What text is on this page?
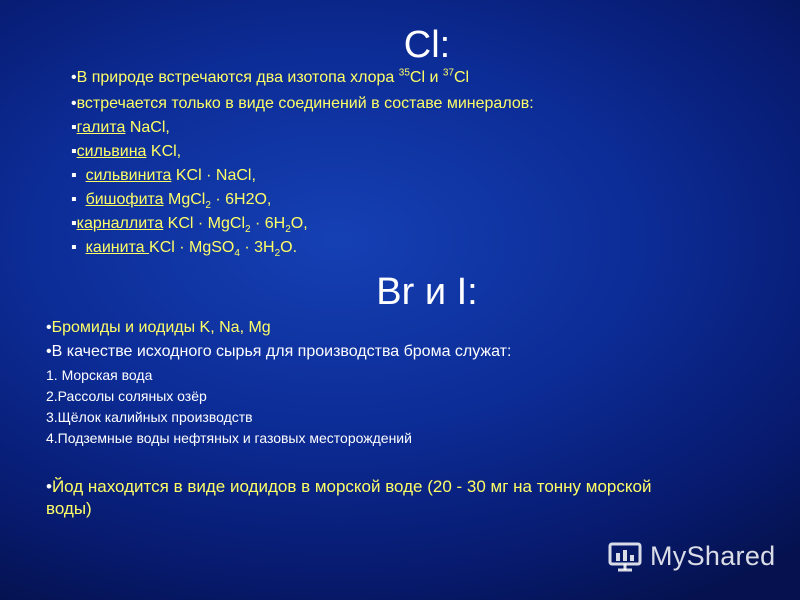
Cl:
•В природе встречаются два изотопа хлора $^{35}$Cl и $^{37}$Cl
•встречается только в виде соединений в составе минералов:
▪галита NaCl,
▪сильвина KCl,
▪ сильвинита KCl · NaCl,
▪ бишофита MgCl$_2$ · 6H2O,
▪карналлита KCl · MgCl$_2$ · $6H_2O$,
▪ каинита KCl · MgSO$_4$ · $3H_2O$.
Br и I:
•Бромиды и иодиды K, Na, Mg
•В качестве исходного сырья для производства брома служат:
1. Морская вода
2.Рассолы соляных озёр
3.Щёлок калийных производств
4.Подземные воды нефтяных и газовых месторождений
•Йод находится в виде иодидов в морской воде (20 - 30 мг на тонну морской
воды)
MyShared
